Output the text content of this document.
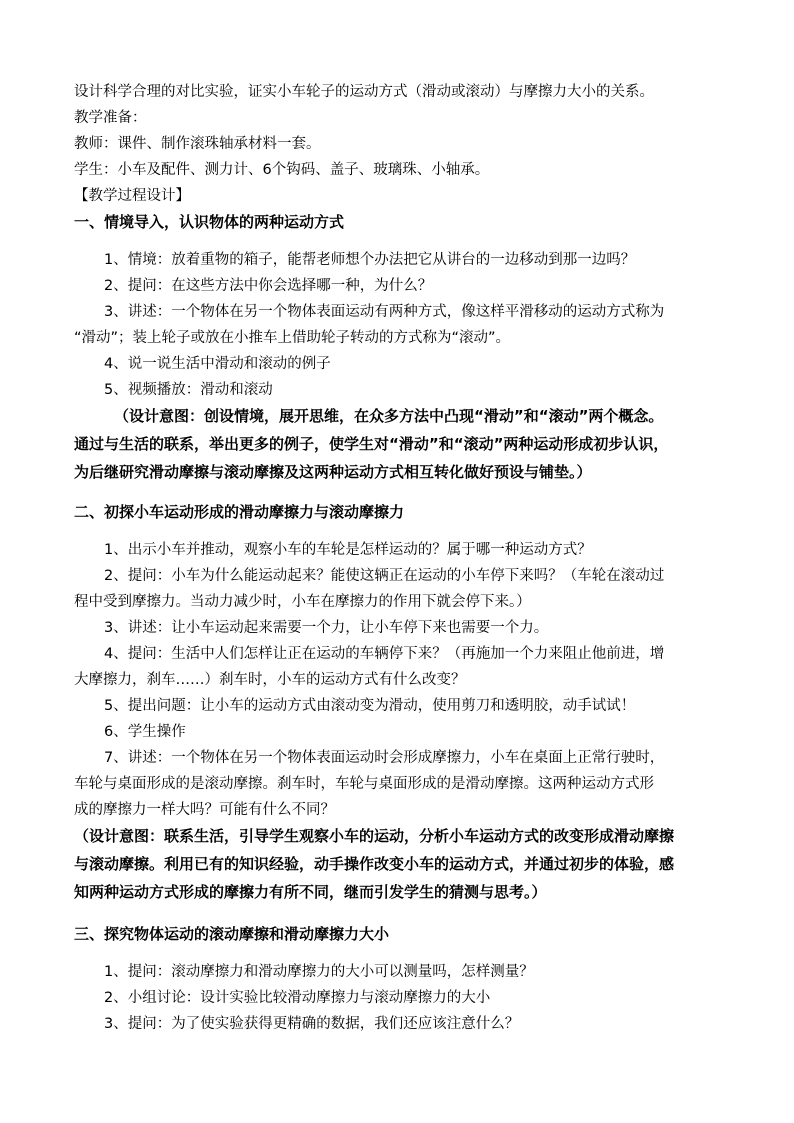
设计科学合理的对比实验，证实小车轮子的运动方式（滑动或滚动）与摩擦力大小的关系。
教学准备：
教师：课件、制作滚珠轴承材料一套。
学生：小车及配件、测力计、6个钩码、盖子、玻璃珠、小轴承。
【教学过程设计】
一、情境导入，认识物体的两种运动方式
1、情境：放着重物的箱子，能帮老师想个办法把它从讲台的一边移动到那一边吗？
2、提问：在这些方法中你会选择哪一种，为什么？
3、讲述：一个物体在另一个物体表面运动有两种方式，像这样平滑移动的运动方式称为
“滑动”；装上轮子或放在小推车上借助轮子转动的方式称为“滚动”。
4、说一说生活中滑动和滚动的例子
5、视频播放：滑动和滚动
（设计意图：创设情境，展开思维，在众多方法中凸现“滑动”和“滚动”两个概念。
通过与生活的联系，举出更多的例子，使学生对“滑动”和“滚动”两种运动形成初步认识，
为后继研究滑动摩擦与滚动摩擦及这两种运动方式相互转化做好预设与铺垫。）
二、初探小车运动形成的滑动摩擦力与滚动摩擦力
1、出示小车并推动，观察小车的车轮是怎样运动的？属于哪一种运动方式？
2、提问：小车为什么能运动起来？能使这辆正在运动的小车停下来吗？（车轮在滚动过
程中受到摩擦力。当动力减少时，小车在摩擦力的作用下就会停下来。）
3、讲述：让小车运动起来需要一个力，让小车停下来也需要一个力。
4、提问：生活中人们怎样让正在运动的车辆停下来？（再施加一个力来阻止他前进，增
大摩擦力，刹车……）刹车时，小车的运动方式有什么改变？
5、提出问题：让小车的运动方式由滚动变为滑动，使用剪刀和透明胶，动手试试！
6、学生操作
7、讲述：一个物体在另一个物体表面运动时会形成摩擦力，小车在桌面上正常行驶时，
车轮与桌面形成的是滚动摩擦。刹车时，车轮与桌面形成的是滑动摩擦。这两种运动方式形
成的摩擦力一样大吗？可能有什么不同？
（设计意图：联系生活，引导学生观察小车的运动，分析小车运动方式的改变形成滑动摩擦
与滚动摩擦。利用已有的知识经验，动手操作改变小车的运动方式，并通过初步的体验，感
知两种运动方式形成的摩擦力有所不同，继而引发学生的猜测与思考。）
三、探究物体运动的滚动摩擦和滑动摩擦力大小
1、提问：滚动摩擦力和滑动摩擦力的大小可以测量吗，怎样测量？
2、小组讨论：设计实验比较滑动摩擦力与滚动摩擦力的大小
3、提问：为了使实验获得更精确的数据，我们还应该注意什么？
